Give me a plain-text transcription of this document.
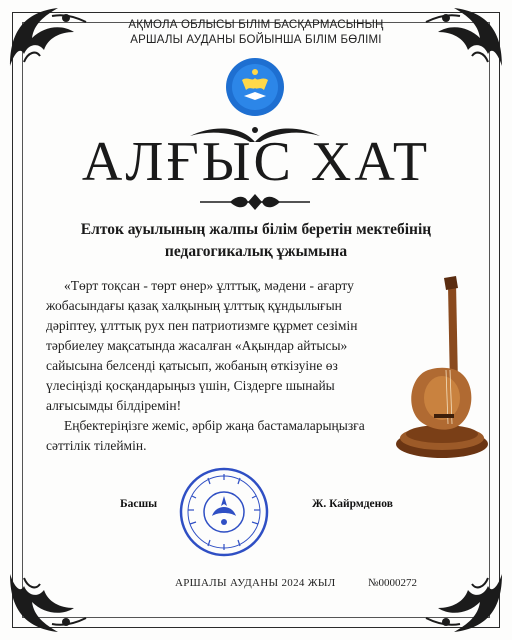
АҚМОЛА ОБЛЫСЫ БІЛІМ БАСҚАРМАСЫНЫҢ
АРШАЛЫ АУДАНЫ БОЙЫНША БІЛІМ БӨЛІМІ
АЛҒЫС ХАТ
Елток ауылының жалпы білім беретін мектебінің
педагогикалық ұжымына

«Төрт тоқсан - төрт өнер» ұлттық, мәдени - ағарту жобасындағы қазақ халқының ұлттық құндылығын дәріптеу, ұлттық рух пен патриотизмге құрмет сезімін тәрбиелеу мақсатында жасалған «Ақындар айтысы» сайысына белсенді қатысып, жобаның өткізуіне өз үлесіңізді қосқандарыңыз үшін, Сіздерге шынайы алғысымды білдіремін!

Еңбектеріңізге жеміс, әрбір жаңа бастамаларыңызға сәттілік тілеймін.

Басшы	Ж. Кайрмденов
АРШАЛЫ АУДАНЫ 2024 ЖЫЛ	№0000272
